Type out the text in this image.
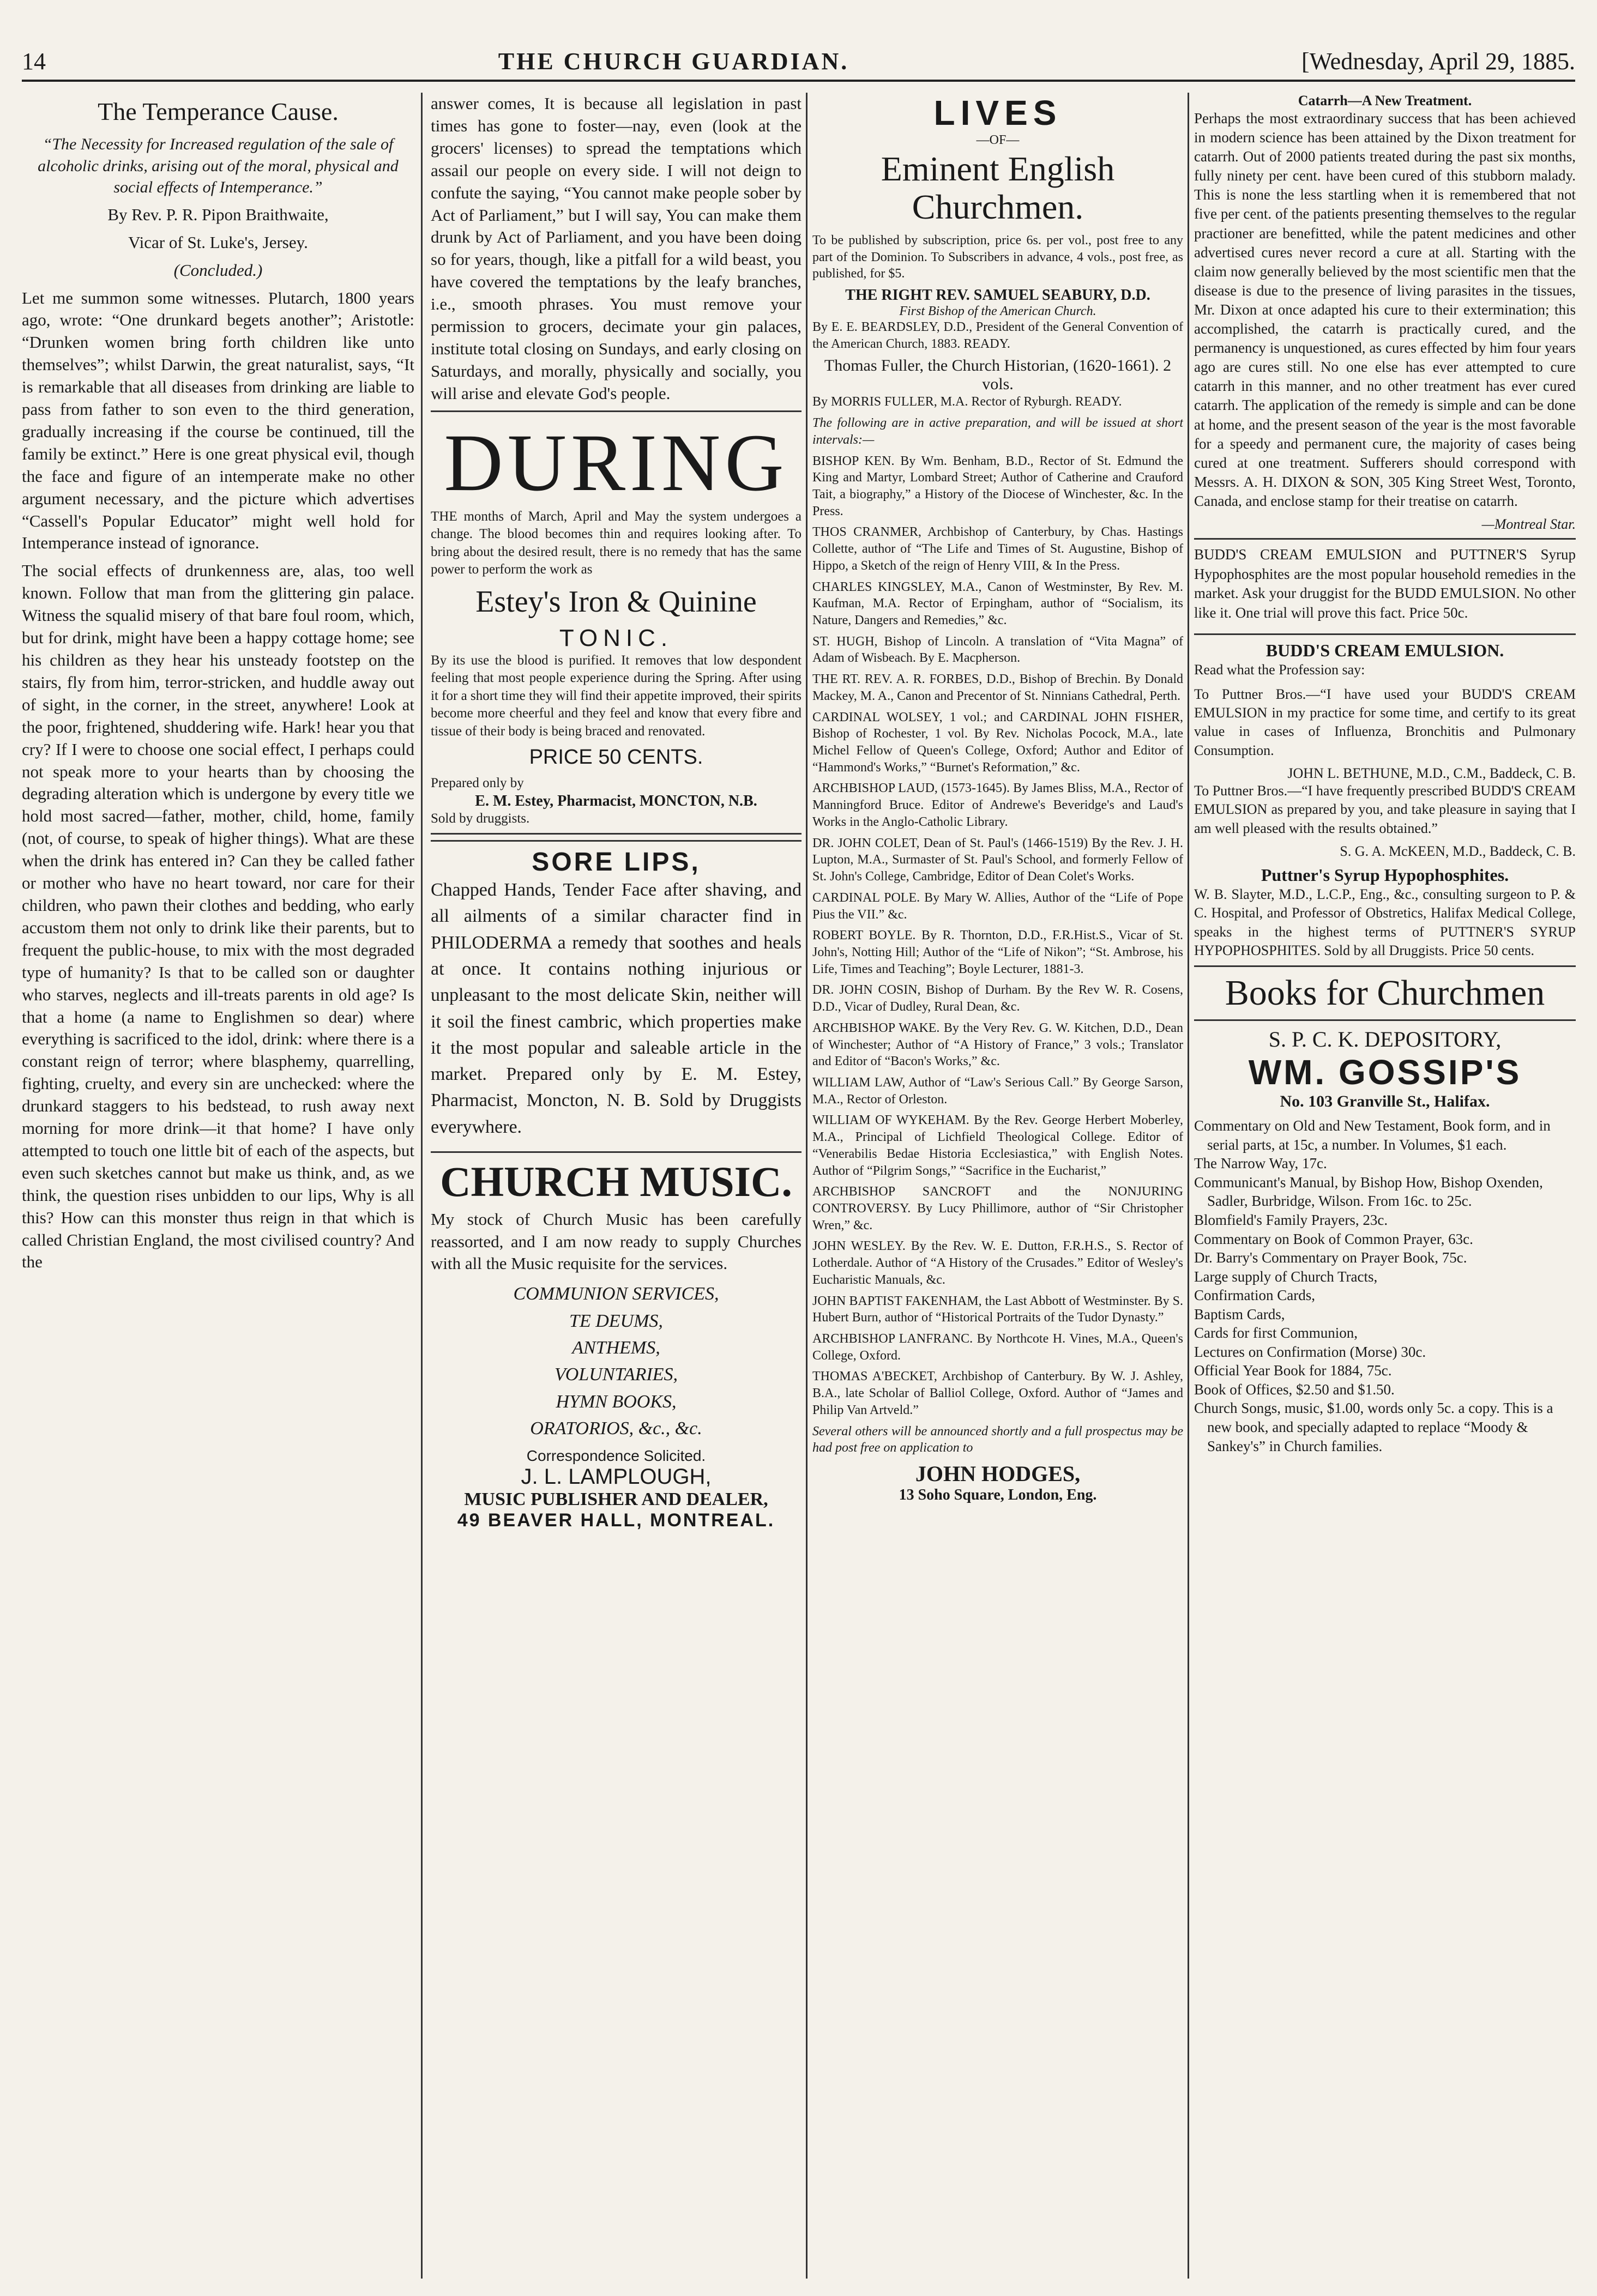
14	THE CHURCH GUARDIAN.	[Wednesday, April 29, 1885.
The Temperance Cause.

“The Necessity for Increased regulation of the sale of alcoholic drinks, arising out of the moral, physical and social effects of Intemperance.”

By Rev. P. R. Pipon Braithwaite,

Vicar of St. Luke's, Jersey.

(Concluded.)

Let me summon some witnesses. Plutarch, 1800 years ago, wrote: “One drunkard begets another”; Aristotle: “Drunken women bring forth children like unto themselves”; whilst Darwin, the great naturalist, says, “It is remarkable that all diseases from drinking are liable to pass from father to son even to the third generation, gradually increasing if the course be continued, till the family be extinct.” Here is one great physical evil, though the face and figure of an intemperate make no other argument necessary, and the picture which advertises “Cassell's Popular Educator” might well hold for Intemperance instead of ignorance.

The social effects of drunkenness are, alas, too well known. Follow that man from the glittering gin palace. Witness the squalid misery of that bare foul room, which, but for drink, might have been a happy cottage home; see his children as they hear his unsteady footstep on the stairs, fly from him, terror-stricken, and huddle away out of sight, in the corner, in the street, anywhere! Look at the poor, frightened, shuddering wife. Hark! hear you that cry? If I were to choose one social effect, I perhaps could not speak more to your hearts than by choosing the degrading alteration which is undergone by every title we hold most sacred—father, mother, child, home, family (not, of course, to speak of higher things). What are these when the drink has entered in? Can they be called father or mother who have no heart toward, nor care for their children, who pawn their clothes and bedding, who early accustom them not only to drink like their parents, but to frequent the public-house, to mix with the most degraded type of humanity? Is that to be called son or daughter who starves, neglects and ill-treats parents in old age? Is that a home (a name to Englishmen so dear) where everything is sacrificed to the idol, drink: where there is a constant reign of terror; where blasphemy, quarrelling, fighting, cruelty, and every sin are unchecked: where the drunkard staggers to his bedstead, to rush away next morning for more drink—it that home? I have only attempted to touch one little bit of each of the aspects, but even such sketches cannot but make us think, and, as we think, the question rises unbidden to our lips, Why is all this? How can this monster thus reign in that which is called Christian England, the most civilised country? And the

answer comes, It is because all legislation in past times has gone to foster—nay, even (look at the grocers' licenses) to spread the temptations which assail our people on every side. I will not deign to confute the saying, “You cannot make people sober by Act of Parliament,” but I will say, You can make them drunk by Act of Parliament, and you have been doing so for years, though, like a pitfall for a wild beast, you have covered the temptations by the leafy branches, i.e., smooth phrases. You must remove your permission to grocers, decimate your gin palaces, institute total closing on Sundays, and early closing on Saturdays, and morally, physically and socially, you will arise and elevate God's people.

DURING

THE months of March, April and May the system undergoes a change. The blood becomes thin and requires looking after. To bring about the desired result, there is no remedy that has the same power to perform the work as

Estey's Iron & Quinine
TONIC.

By its use the blood is purified. It removes that low despondent feeling that most people experience during the Spring. After using it for a short time they will find their appetite improved, their spirits become more cheerful and they feel and know that every fibre and tissue of their body is being braced and renovated.

PRICE 50 CENTS.
Prepared only by
E. M. Estey, Pharmacist, MONCTON, N.B.
Sold by druggists.
SORE LIPS,

Chapped Hands, Tender Face after shaving, and all ailments of a similar character find in PHILODERMA a remedy that soothes and heals at once. It contains nothing injurious or unpleasant to the most delicate Skin, neither will it soil the finest cambric, which properties make it the most popular and saleable article in the market. Prepared only by E. M. Estey, Pharmacist, Moncton, N. B. Sold by Druggists everywhere.

CHURCH MUSIC.

My stock of Church Music has been carefully reassorted, and I am now ready to supply Churches with all the Music requisite for the services.

COMMUNION SERVICES,
TE DEUMS,
ANTHEMS,
VOLUNTARIES,
HYMN BOOKS,
ORATORIOS, &c., &c.
Correspondence Solicited.
J. L. LAMPLOUGH,
MUSIC PUBLISHER AND DEALER,
49 BEAVER HALL, MONTREAL.
LIVES
—OF—
Eminent English Churchmen.

To be published by subscription, price 6s. per vol., post free to any part of the Dominion. To Subscribers in advance, 4 vols., post free, as published, for $5.

THE RIGHT REV. SAMUEL SEABURY, D.D.
First Bishop of the American Church.

By E. E. BEARDSLEY, D.D., President of the General Convention of the American Church, 1883. READY.

Thomas Fuller, the Church Historian, (1620-1661). 2 vols.

By MORRIS FULLER, M.A. Rector of Ryburgh. READY.

The following are in active preparation, and will be issued at short intervals:—

BISHOP KEN. By Wm. Benham, B.D., Rector of St. Edmund the King and Martyr, Lombard Street; Author of Catherine and Crauford Tait, a biography,” a History of the Diocese of Winchester, &c. In the Press.

THOS CRANMER, Archbishop of Canterbury, by Chas. Hastings Collette, author of “The Life and Times of St. Augustine, Bishop of Hippo, a Sketch of the reign of Henry VIII, & In the Press.

CHARLES KINGSLEY, M.A., Canon of Westminster, By Rev. M. Kaufman, M.A. Rector of Erpingham, author of “Socialism, its Nature, Dangers and Remedies,” &c.

ST. HUGH, Bishop of Lincoln. A translation of “Vita Magna” of Adam of Wisbeach. By E. Macpherson.

THE RT. REV. A. R. FORBES, D.D., Bishop of Brechin. By Donald Mackey, M. A., Canon and Precentor of St. Ninnians Cathedral, Perth.

CARDINAL WOLSEY, 1 vol.; and CARDINAL JOHN FISHER, Bishop of Rochester, 1 vol. By Rev. Nicholas Pocock, M.A., late Michel Fellow of Queen's College, Oxford; Author and Editor of “Hammond's Works,” “Burnet's Reformation,” &c.

ARCHBISHOP LAUD, (1573-1645). By James Bliss, M.A., Rector of Manningford Bruce. Editor of Andrewe's Beveridge's and Laud's Works in the Anglo-Catholic Library.

DR. JOHN COLET, Dean of St. Paul's (1466-1519) By the Rev. J. H. Lupton, M.A., Surmaster of St. Paul's School, and formerly Fellow of St. John's College, Cambridge, Editor of Dean Colet's Works.

CARDINAL POLE. By Mary W. Allies, Author of the “Life of Pope Pius the VII.” &c.

ROBERT BOYLE. By R. Thornton, D.D., F.R.Hist.S., Vicar of St. John's, Notting Hill; Author of the “Life of Nikon”; “St. Ambrose, his Life, Times and Teaching”; Boyle Lecturer, 1881-3.

DR. JOHN COSIN, Bishop of Durham. By the Rev W. R. Cosens, D.D., Vicar of Dudley, Rural Dean, &c.

ARCHBISHOP WAKE. By the Very Rev. G. W. Kitchen, D.D., Dean of Winchester; Author of “A History of France,” 3 vols.; Translator and Editor of “Bacon's Works,” &c.

WILLIAM LAW, Author of “Law's Serious Call.” By George Sarson, M.A., Rector of Orleston.

WILLIAM OF WYKEHAM. By the Rev. George Herbert Moberley, M.A., Principal of Lichfield Theological College. Editor of “Venerabilis Bedae Historia Ecclesiastica,” with English Notes. Author of “Pilgrim Songs,” “Sacrifice in the Eucharist,”

ARCHBISHOP SANCROFT and the NONJURING CONTROVERSY. By Lucy Phillimore, author of “Sir Christopher Wren,” &c.

JOHN WESLEY. By the Rev. W. E. Dutton, F.R.H.S., S. Rector of Lotherdale. Author of “A History of the Crusades.” Editor of Wesley's Eucharistic Manuals, &c.

JOHN BAPTIST FAKENHAM, the Last Abbott of Westminster. By S. Hubert Burn, author of “Historical Portraits of the Tudor Dynasty.”

ARCHBISHOP LANFRANC. By Northcote H. Vines, M.A., Queen's College, Oxford.

THOMAS A'BECKET, Archbishop of Canterbury. By W. J. Ashley, B.A., late Scholar of Balliol College, Oxford. Author of “James and Philip Van Artveld.”

Several others will be announced shortly and a full prospectus may be had post free on application to

JOHN HODGES,
13 Soho Square, London, Eng.
Catarrh—A New Treatment.

Perhaps the most extraordinary success that has been achieved in modern science has been attained by the Dixon treatment for catarrh. Out of 2000 patients treated during the past six months, fully ninety per cent. have been cured of this stubborn malady. This is none the less startling when it is remembered that not five per cent. of the patients presenting themselves to the regular practioner are benefitted, while the patent medicines and other advertised cures never record a cure at all. Starting with the claim now generally believed by the most scientific men that the disease is due to the presence of living parasites in the tissues, Mr. Dixon at once adapted his cure to their extermination; this accomplished, the catarrh is practically cured, and the permanency is unquestioned, as cures effected by him four years ago are cures still. No one else has ever attempted to cure catarrh in this manner, and no other treatment has ever cured catarrh. The application of the remedy is simple and can be done at home, and the present season of the year is the most favorable for a speedy and permanent cure, the majority of cases being cured at one treatment. Sufferers should correspond with Messrs. A. H. DIXON & SON, 305 King Street West, Toronto, Canada, and enclose stamp for their treatise on catarrh.

—Montreal Star.

BUDD'S CREAM EMULSION and PUTTNER'S Syrup Hypophosphites are the most popular household remedies in the market. Ask your druggist for the BUDD EMULSION. No other like it. One trial will prove this fact. Price 50c.

BUDD'S CREAM EMULSION.

Read what the Profession say:

To Puttner Bros.—“I have used your BUDD'S CREAM EMULSION in my practice for some time, and certify to its great value in cases of Influenza, Bronchitis and Pulmonary Consumption.

JOHN L. BETHUNE, M.D., C.M., Baddeck, C. B.

To Puttner Bros.—“I have frequently prescribed BUDD'S CREAM EMULSION as prepared by you, and take pleasure in saying that I am well pleased with the results obtained.”

S. G. A. McKEEN, M.D., Baddeck, C. B.
Puttner's Syrup Hypophosphites.

W. B. Slayter, M.D., L.C.P., Eng., &c., consulting surgeon to P. & C. Hospital, and Professor of Obstretics, Halifax Medical College, speaks in the highest terms of PUTTNER'S SYRUP HYPOPHOSPHITES. Sold by all Druggists. Price 50 cents.

Books for Churchmen
S. P. C. K. DEPOSITORY,
WM. GOSSIP'S
No. 103 Granville St., Halifax.
Commentary on Old and New Testament, Book form, and in serial parts, at 15c, a number. In Volumes, $1 each.
The Narrow Way, 17c.
Communicant's Manual, by Bishop How, Bishop Oxenden, Sadler, Burbridge, Wilson. From 16c. to 25c.
Blomfield's Family Prayers, 23c.
Commentary on Book of Common Prayer, 63c.
Dr. Barry's Commentary on Prayer Book, 75c.
Large supply of Church Tracts,
Confirmation Cards,
Baptism Cards,
Cards for first Communion,
Lectures on Confirmation (Morse) 30c.
Official Year Book for 1884, 75c.
Book of Offices, $2.50 and $1.50.
Church Songs, music, $1.00, words only 5c. a copy. This is a new book, and specially adapted to replace “Moody & Sankey's” in Church families.
